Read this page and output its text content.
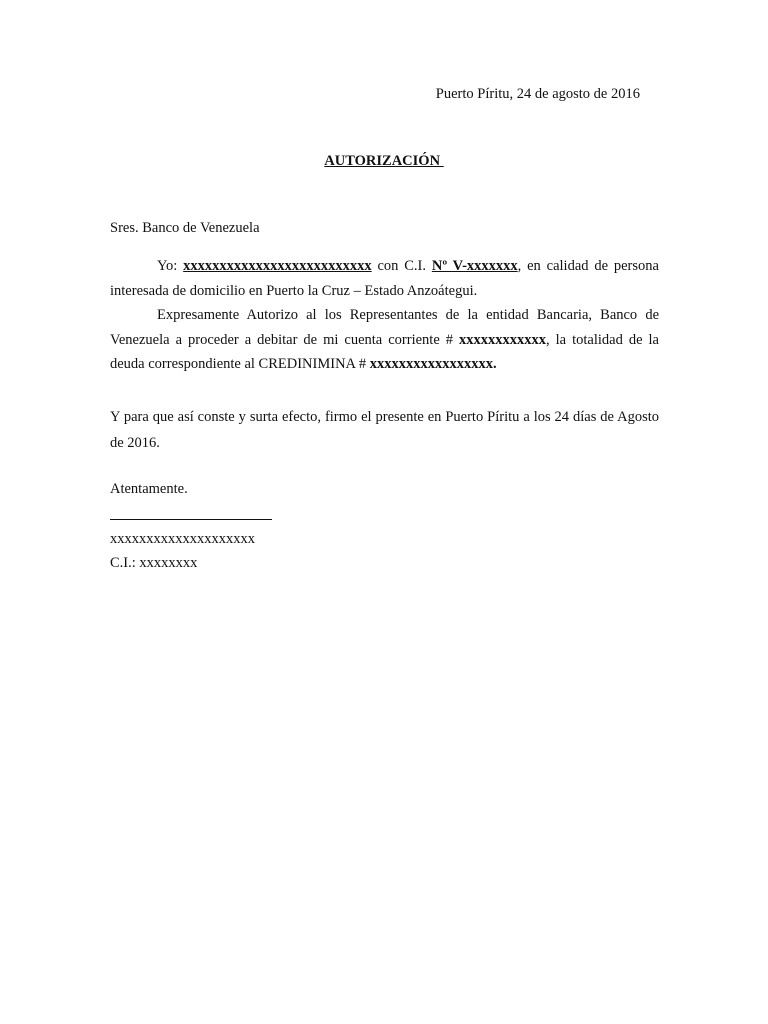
Puerto Píritu, 24 de agosto de 2016
AUTORIZACIÓN
Sres. Banco de Venezuela

Yo: xxxxxxxxxxxxxxxxxxxxxxxxxx con C.I. Nº V-xxxxxxx, en calidad de persona interesada de domicilio en Puerto la Cruz – Estado Anzoátegui.

Expresamente Autorizo al los Representantes de la entidad Bancaria, Banco de Venezuela a proceder a debitar de mi cuenta corriente # xxxxxxxxxxxx, la totalidad de la deuda correspondiente al CREDINIMINA # xxxxxxxxxxxxxxxxx.

Y para que así conste y surta efecto, firmo el presente en Puerto Píritu a los 24 días de Agosto de 2016.
Atentamente.
xxxxxxxxxxxxxxxxxxxx
C.I.: xxxxxxxx
